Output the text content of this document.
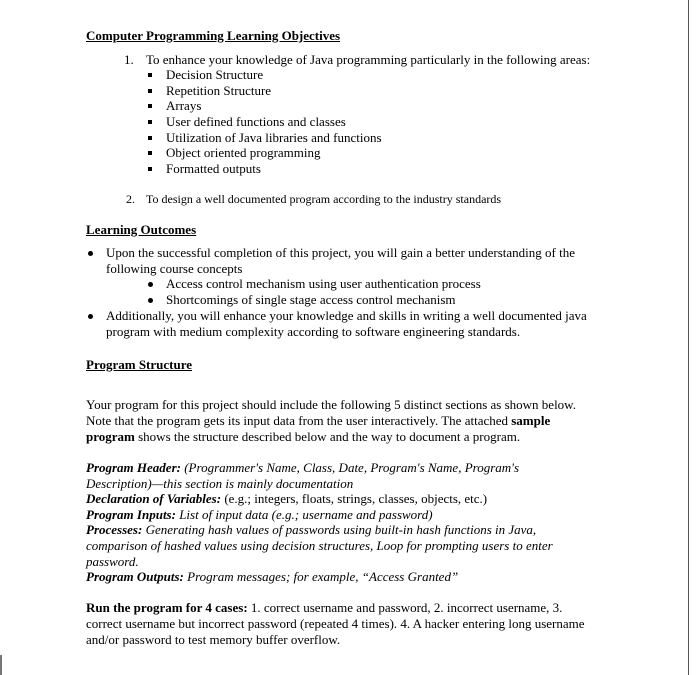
Computer Programming Learning Objectives
1. To enhance your knowledge of Java programming particularly in the following areas:
Decision Structure
Repetition Structure
Arrays
User defined functions and classes
Utilization of Java libraries and functions
Object oriented programming
Formatted outputs
2. To design a well documented program according to the industry standards
Learning Outcomes
Upon the successful completion of this project, you will gain a better understanding of the
following course concepts
Access control mechanism using user authentication process
Shortcomings of single stage access control mechanism
Additionally, you will enhance your knowledge and skills in writing a well documented java
program with medium complexity according to software engineering standards.
Program Structure
Your program for this project should include the following 5 distinct sections as shown below.
Note that the program gets its input data from the user interactively. The attached sample
program shows the structure described below and the way to document a program.
Program Header: (Programmer's Name, Class, Date, Program's Name, Program's
Description)—this section is mainly documentation
Declaration of Variables: (e.g.; integers, floats, strings, classes, objects, etc.)
Program Inputs: List of input data (e.g.; username and password)
Processes: Generating hash values of passwords using built-in hash functions in Java,
comparison of hashed values using decision structures, Loop for prompting users to enter
password.
Program Outputs: Program messages; for example, “Access Granted”
Run the program for 4 cases: 1. correct username and password, 2. incorrect username, 3.
correct username but incorrect password (repeated 4 times). 4. A hacker entering long username
and/or password to test memory buffer overflow.
